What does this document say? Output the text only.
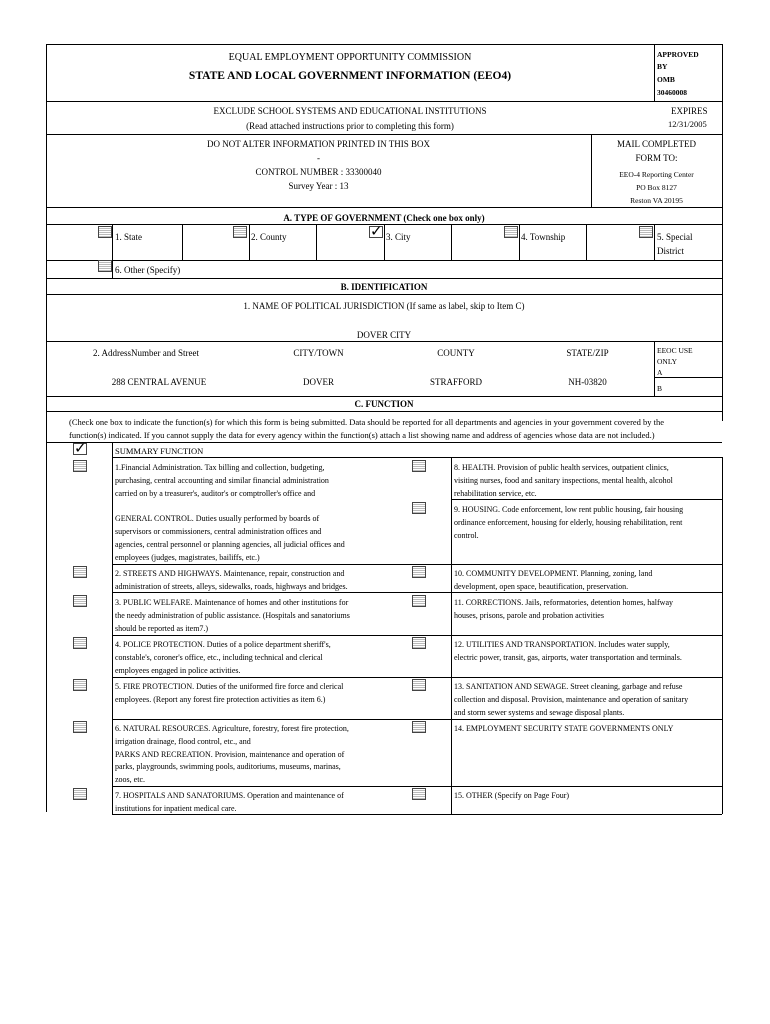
EQUAL EMPLOYMENT OPPORTUNITY COMMISSION
STATE AND LOCAL GOVERNMENT INFORMATION (EEO4)
APPROVED
BY
OMB
30460008
EXCLUDE SCHOOL SYSTEMS AND EDUCATIONAL INSTITUTIONS
(Read attached instructions prior to completing this form)
EXPIRES
12/31/2005
DO NOT ALTER INFORMATION PRINTED IN THIS BOX
-
CONTROL NUMBER : 33300040
Survey Year : 13
MAIL COMPLETED
FORM TO:
EEO-4 Reporting Center
PO Box 8127
Reston VA 20195
A. TYPE OF GOVERNMENT (Check one box only)
1. State	2. County
✓	3. City	4. Township	5. Special
District
6. Other (Specify)
B. IDENTIFICATION
1. NAME OF POLITICAL JURISDICTION (If same as label, skip to Item C)
DOVER CITY
2. AddressNumber and Street	CITY/TOWN	COUNTY	STATE/ZIP	EEOC USE
ONLY
A
B
288 CENTRAL AVENUE	DOVER	STRAFFORD	NH-03820
C. FUNCTION
(Check one box to indicate the function(s) for which this form is being submitted. Data should be reported for all departments and agencies in your government covered by the
function(s) indicated. If you cannot supply the data for every agency within the function(s) attach a list showing name and address of agencies whose data are not included.)
✓
SUMMARY FUNCTION
1.Financial Administration. Tax billing and collection, budgeting,
purchasing, central accounting and similar financial administration
carried on by a treasurer's, auditor's or comptroller's office and
GENERAL CONTROL. Duties usually performed by boards of
supervisors or commissioners, central administration offices and
agencies, central personnel or planning agencies, all judicial offices and
employees (judges, magistrates, bailiffs, etc.)
2. STREETS AND HIGHWAYS. Maintenance, repair, construction and
administration of streets, alleys, sidewalks, roads, highways and bridges.
3. PUBLIC WELFARE. Maintenance of homes and other institutions for
the needy administration of public assistance. (Hospitals and sanatoriums
should be reported as item7.)
4. POLICE PROTECTION. Duties of a police department sheriff's,
constable's, coroner's office, etc., including technical and clerical
employees engaged in police activities.
5. FIRE PROTECTION. Duties of the uniformed fire force and clerical
employees. (Report any forest fire protection activities as item 6.)
6. NATURAL RESOURCES. Agriculture, forestry, forest fire protection,
irrigation drainage, flood control, etc., and
PARKS AND RECREATION. Provision, maintenance and operation of
parks, playgrounds, swimming pools, auditoriums, museums, marinas,
zoos, etc.
7. HOSPITALS AND SANATORIUMS. Operation and maintenance of
institutions for inpatient medical care.
8. HEALTH. Provision of public health services, outpatient clinics,
visiting nurses, food and sanitary inspections, mental health, alcohol
rehabilitation service, etc.
9. HOUSING. Code enforcement, low rent public housing, fair housing
ordinance enforcement, housing for elderly, housing rehabilitation, rent
control.
10. COMMUNITY DEVELOPMENT. Planning, zoning, land
development, open space, beautification, preservation.
11. CORRECTIONS. Jails, reformatories, detention homes, halfway
houses, prisons, parole and probation activities
12. UTILITIES AND TRANSPORTATION. Includes water supply,
electric power, transit, gas, airports, water transportation and terminals.
13. SANITATION AND SEWAGE. Street cleaning, garbage and refuse
collection and disposal. Provision, maintenance and operation of sanitary
and storm sewer systems and sewage disposal plants.
14. EMPLOYMENT SECURITY STATE GOVERNMENTS ONLY
15. OTHER (Specify on Page Four)
